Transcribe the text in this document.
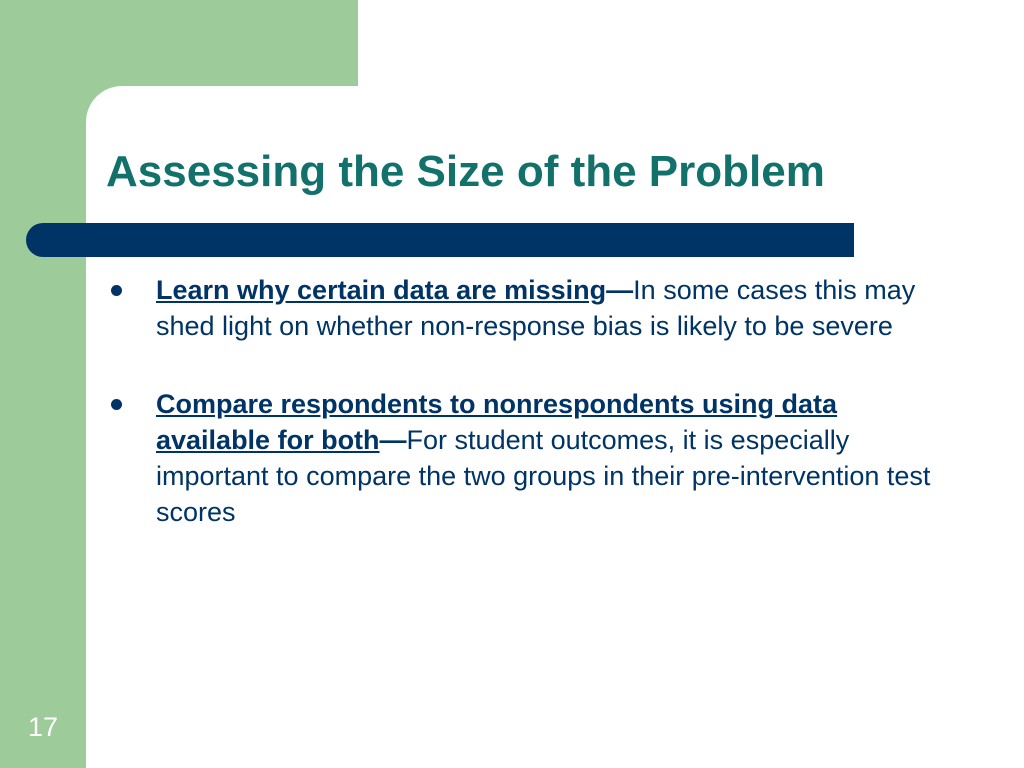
Assessing the Size of the Problem
Learn why certain data are missing—In some cases this may shed light on whether non-response bias is likely to be severe
Compare respondents to nonrespondents using data available for both—For student outcomes, it is especially important to compare the two groups in their pre-intervention test scores
17
